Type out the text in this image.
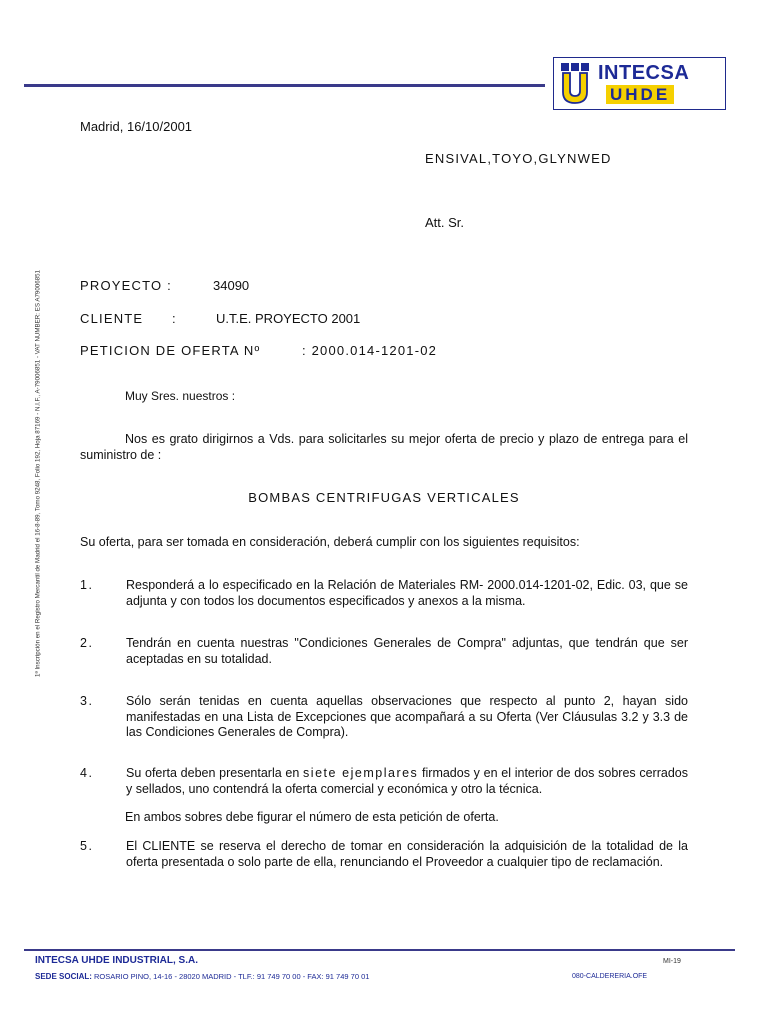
INTECSA
UHDE
1ª Inscripción en el Registro Mercantil de Madrid el 16-8-89, Tomo 9248, Folio 192, Hoja 87169 - N.I.F., A-79006851 - VAT NUMBER: ES A79006851
Madrid, 16/10/2001
ENSIVAL,TOYO,GLYNWED
Att. Sr.
PROYECTO :	34090
CLIENTE :	U.T.E. PROYECTO 2001
PETICION DE OFERTA Nº	: 2000.014-1201-02
Muy Sres. nuestros :
Nos es grato dirigirnos a Vds. para solicitarles su mejor oferta de precio y plazo de entrega para el suministro de :
BOMBAS CENTRIFUGAS VERTICALES
Su oferta, para ser tomada en consideración, deberá cumplir con los siguientes requisitos:
1.	Responderá a lo especificado en la Relación de Materiales RM- 2000.014-1201-02, Edic. 03, que se adjunta y con todos los documentos especificados y anexos a la misma.
2.	Tendrán en cuenta nuestras "Condiciones Generales de Compra" adjuntas, que tendrán que ser aceptadas en su totalidad.
3.	Sólo serán tenidas en cuenta aquellas observaciones que respecto al punto 2, hayan sido manifestadas en una Lista de Excepciones que acompañará a su Oferta (Ver Cláusulas 3.2 y 3.3 de las Condiciones Generales de Compra).
4.	Su oferta deben presentarla en siete ejemplares firmados y en el interior de dos sobres cerrados y sellados, uno contendrá la oferta comercial y económica y otro la técnica.
En ambos sobres debe figurar el número de esta petición de oferta.
5.	El CLIENTE se reserva el derecho de tomar en consideración la adquisición de la totalidad de la oferta presentada o solo parte de ella, renunciando el Proveedor a cualquier tipo de reclamación.
INTECSA UHDE INDUSTRIAL, S.A.	MI-19
SEDE SOCIAL: ROSARIO PINO, 14-16 - 28020 MADRID - TLF.: 91 749 70 00 - FAX: 91 749 70 01	080-CALDERERIA.OFE
